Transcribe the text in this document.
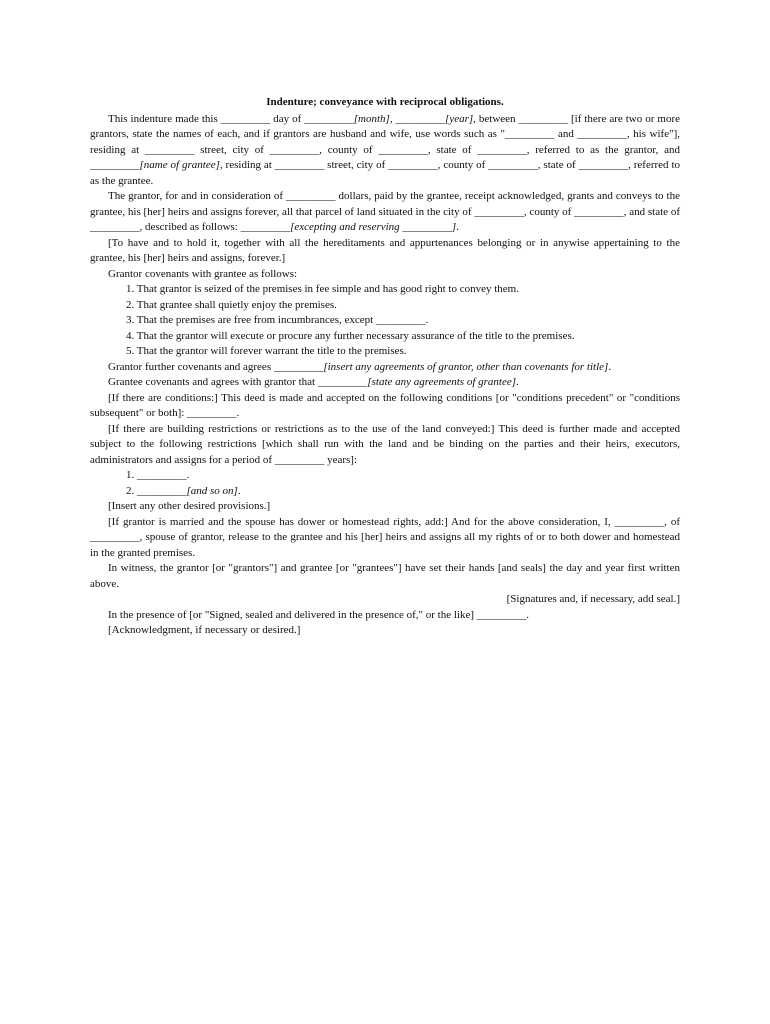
Indenture; conveyance with reciprocal obligations.

This indenture made this _________ day of _________[month], _________[year], between _________ [if there are two or more grantors, state the names of each, and if grantors are husband and wife, use words such as "_________ and _________, his wife"], residing at _________ street, city of _________, county of _________, state of _________, referred to as the grantor, and _________[name of grantee], residing at _________ street, city of _________, county of _________, state of _________, referred to as the grantee.

The grantor, for and in consideration of _________ dollars, paid by the grantee, receipt acknowledged, grants and conveys to the grantee, his [her] heirs and assigns forever, all that parcel of land situated in the city of _________, county of _________, and state of _________, described as follows: _________[excepting and reserving _________].

[To have and to hold it, together with all the hereditaments and appurtenances belonging or in anywise appertaining to the grantee, his [her] heirs and assigns, forever.]

Grantor covenants with grantee as follows:

1. That grantor is seized of the premises in fee simple and has good right to convey them.

2. That grantee shall quietly enjoy the premises.

3. That the premises are free from incumbrances, except _________.

4. That the grantor will execute or procure any further necessary assurance of the title to the premises.

5. That the grantor will forever warrant the title to the premises.

Grantor further covenants and agrees _________[insert any agreements of grantor, other than covenants for title].

Grantee covenants and agrees with grantor that _________[state any agreements of grantee].

[If there are conditions:] This deed is made and accepted on the following conditions [or "conditions precedent" or "conditions subsequent" or both]: _________.

[If there are building restrictions or restrictions as to the use of the land conveyed:] This deed is further made and accepted subject to the following restrictions [which shall run with the land and be binding on the parties and their heirs, executors, administrators and assigns for a period of _________ years]:

1. _________.

2. _________[and so on].

[Insert any other desired provisions.]

[If grantor is married and the spouse has dower or homestead rights, add:] And for the above consideration, I, _________, of _________, spouse of grantor, release to the grantee and his [her] heirs and assigns all my rights of or to both dower and homestead in the granted premises.

In witness, the grantor [or "grantors"] and grantee [or "grantees"] have set their hands [and seals] the day and year first written above.

[Signatures and, if necessary, add seal.]

In the presence of [or "Signed, sealed and delivered in the presence of," or the like] _________.

[Acknowledgment, if necessary or desired.]
